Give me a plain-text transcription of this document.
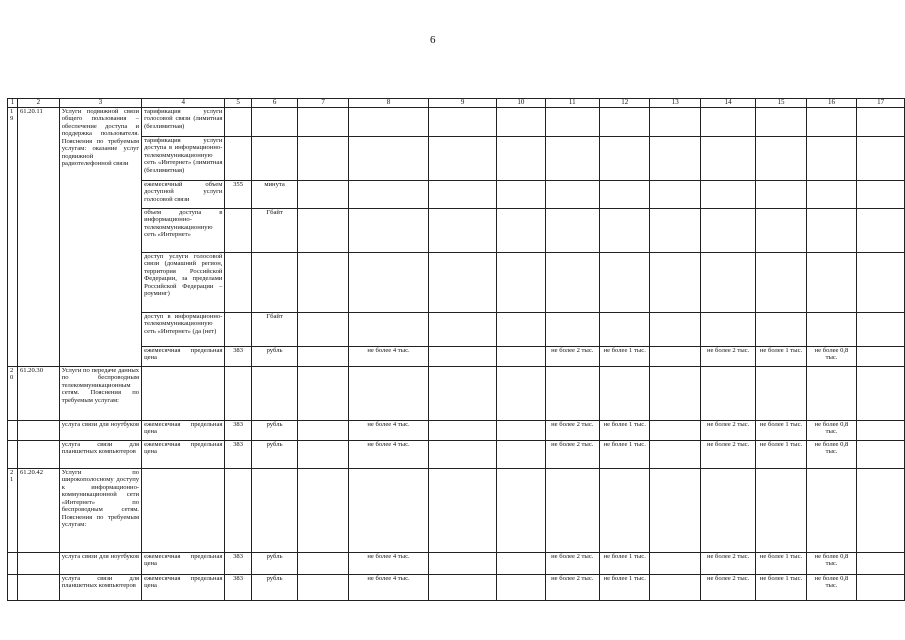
6
1	2	3	4	5	6	7	8	9	10	11	12	13	14	15	16	17
19	61.20.11	Услуги подвижной связи общего пользования – обеспечение доступа и поддержка пользователя. Пояснения по требуемым услугам: оказание услуг подвижной радиотелефонной связи	тарификация услуги голосовой связи (лимитная (безлимитная)													
			тарификация услуги доступа в информационно-телекоммуникационную сеть «Интернет» (лимитная (безлимитная)													
			ежемесячный объем доступной услуги голосовой связи	355	минута											
			объем доступа в информационно-телекоммуникационную сеть «Интернет»		Гбайт											
			доступ услуги голосовой связи (домашний регион, территория Российской Федерации, за пределами Российской Федерации – роуминг)													
			доступ в информационно-телекоммуникационную сеть «Интернет» (да (нет)		Гбайт											
			ежемесячная предельная цена	383	рубль		не более 4 тыс.			не более 2 тыс.	не более 1 тыс.		не более 2 тыс.	не более 1 тыс.	не более 0,8 тыс.	
20	61.20.30	Услуги по передаче данных по беспроводным телекоммуникационным сетям. Пояснения по требуемым услугам:														
		услуга связи для ноутбуков	ежемесячная предельная цена	383	рубль		не более 4 тыс.			не более 2 тыс.	не более 1 тыс.		не более 2 тыс.	не более 1 тыс.	не более 0,8 тыс.	
		услуга связи для планшетных компьютеров	ежемесячная предельная цена	383	рубль		не более 4 тыс.			не более 2 тыс.	не более 1 тыс.		не более 2 тыс.	не более 1 тыс.	не более 0,8 тыс.	
21	61.20.42	Услуги по широкополосному доступу к информационно-коммуникационной сети «Интернет» по беспроводным сетям. Пояснения по требуемым услугам:														
		услуга связи для ноутбуков	ежемесячная предельная цена	383	рубль		не более 4 тыс.			не более 2 тыс.	не более 1 тыс.		не более 2 тыс.	не более 1 тыс.	не более 0,8 тыс.	
		услуга связи для планшетных компьютеров	ежемесячная предельная цена	383	рубль		не более 4 тыс.			не более 2 тыс.	не более 1 тыс.		не более 2 тыс.	не более 1 тыс.	не более 0,8 тыс.	
